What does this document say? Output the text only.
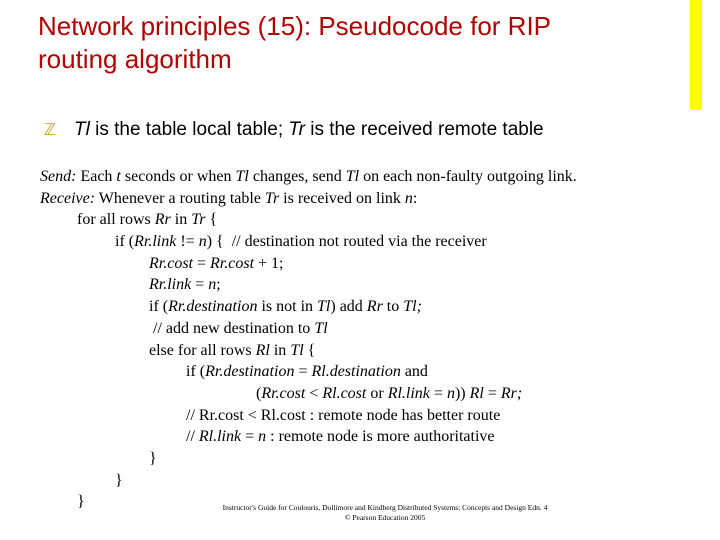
Network principles (15): Pseudocode for RIP
routing algorithm
ℤ Tl is the table local table; Tr is the received remote table
Send: Each t seconds or when Tl changes, send Tl on each non-faulty outgoing link.
Receive: Whenever a routing table Tr is received on link n:
for all rows Rr in Tr {
if (Rr.link != n) {  // destination not routed via the receiver
Rr.cost = Rr.cost + 1;
Rr.link = n;
if (Rr.destination is not in Tl) add Rr to Tl;
// add new destination to Tl
else for all rows Rl in Tl {
if (Rr.destination = Rl.destination and
(Rr.cost < Rl.cost or Rl.link = n)) Rl = Rr;
// Rr.cost < Rl.cost : remote node has better route
// Rl.link = n : remote node is more authoritative
}
}
}	Instructor's Guide for Coulouris, Dollimore and Kindberg Distributed Systems: Concepts and Design Edn. 4
© Pearson Education 2005
